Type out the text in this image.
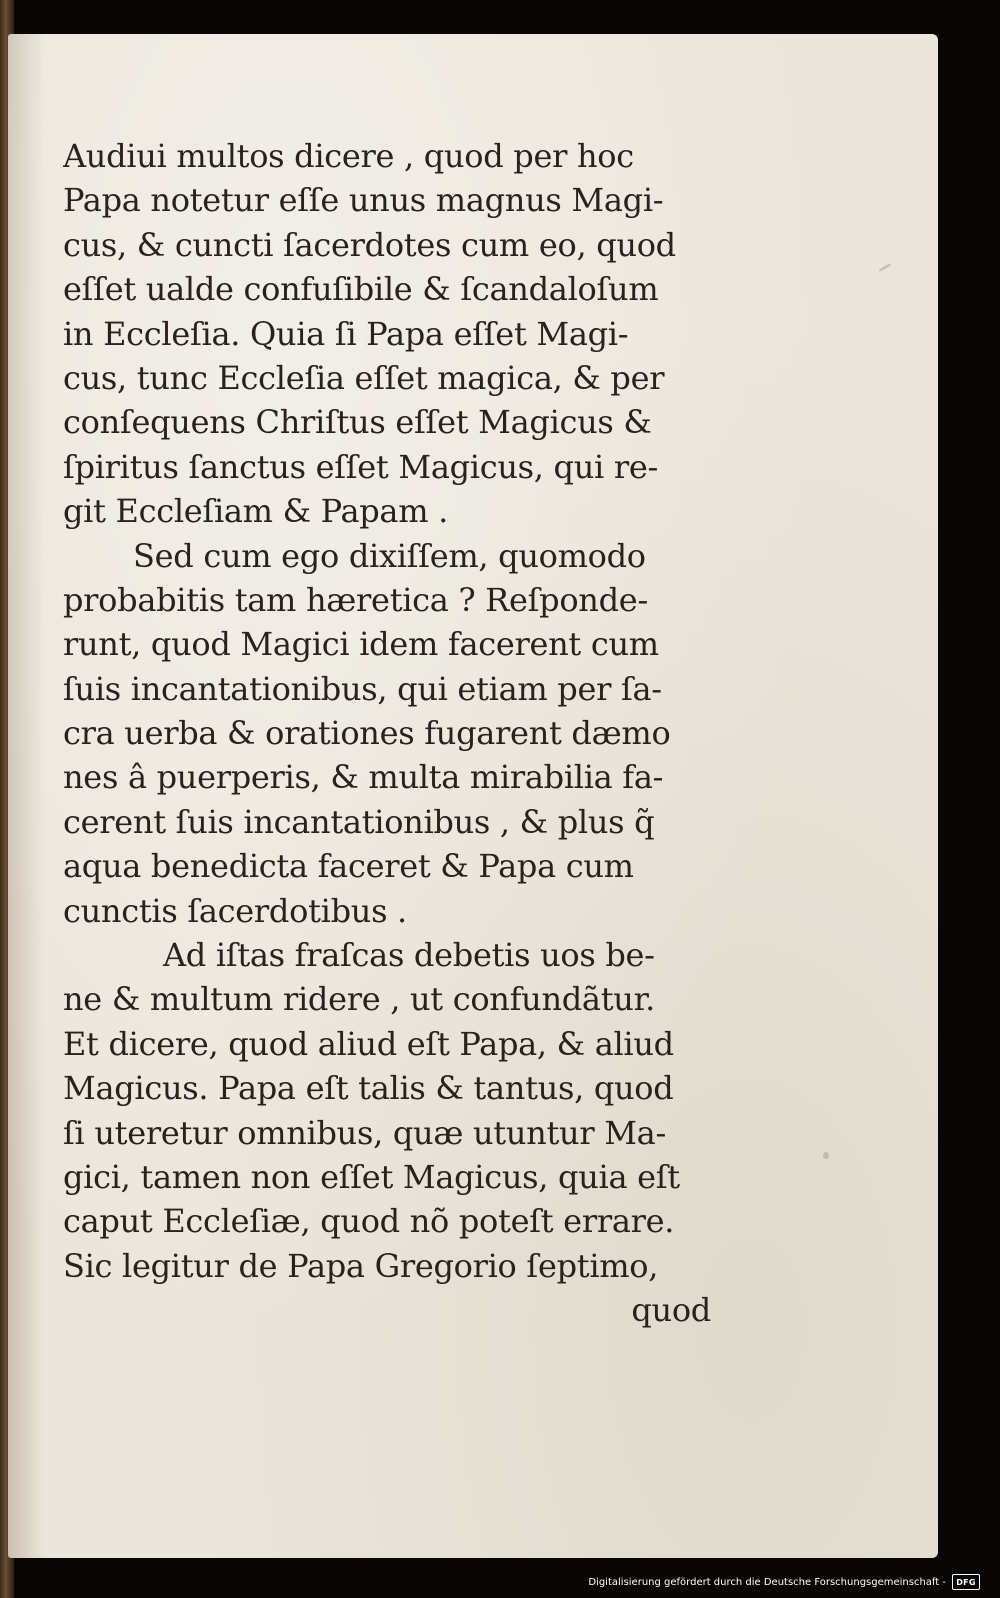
Audiui multos dicere , quod per hoc
Papa notetur eſſe unus magnus Magi-
cus, & cuncti ſacerdotes cum eo, quod
eſſet ualde confuſibile & ſcandaloſum
in Eccleſia. Quia ſi Papa eſſet Magi-
cus, tunc Eccleſia eſſet magica, & per
conſequens Chriſtus eſſet Magicus &
ſpiritus ſanctus eſſet Magicus, qui re-
git Eccleſiam & Papam .
Sed cum ego dixiſſem, quomodo
probabitis tam hæretica ? Reſponde-
runt, quod Magici idem facerent cum
ſuis incantationibus, qui etiam per ſa-
cra uerba & orationes fugarent dæmo
nes â puerperis, & multa mirabilia fa-
cerent ſuis incantationibus , & plus q̃
aqua benedicta faceret & Papa cum
cunctis ſacerdotibus .
Ad iſtas fraſcas debetis uos be-
ne & multum ridere , ut confundãtur.
Et dicere, quod aliud eſt Papa, & aliud
Magicus. Papa eſt talis & tantus, quod
ſi uteretur omnibus, quæ utuntur Ma-
gici, tamen non eſſet Magicus, quia eſt
caput Eccleſiæ, quod nõ poteſt errare.
Sic legitur de Papa Gregorio ſeptimo,
quod
Digitalisierung gefördert durch die Deutsche Forschungsgemeinschaft -	DFG
